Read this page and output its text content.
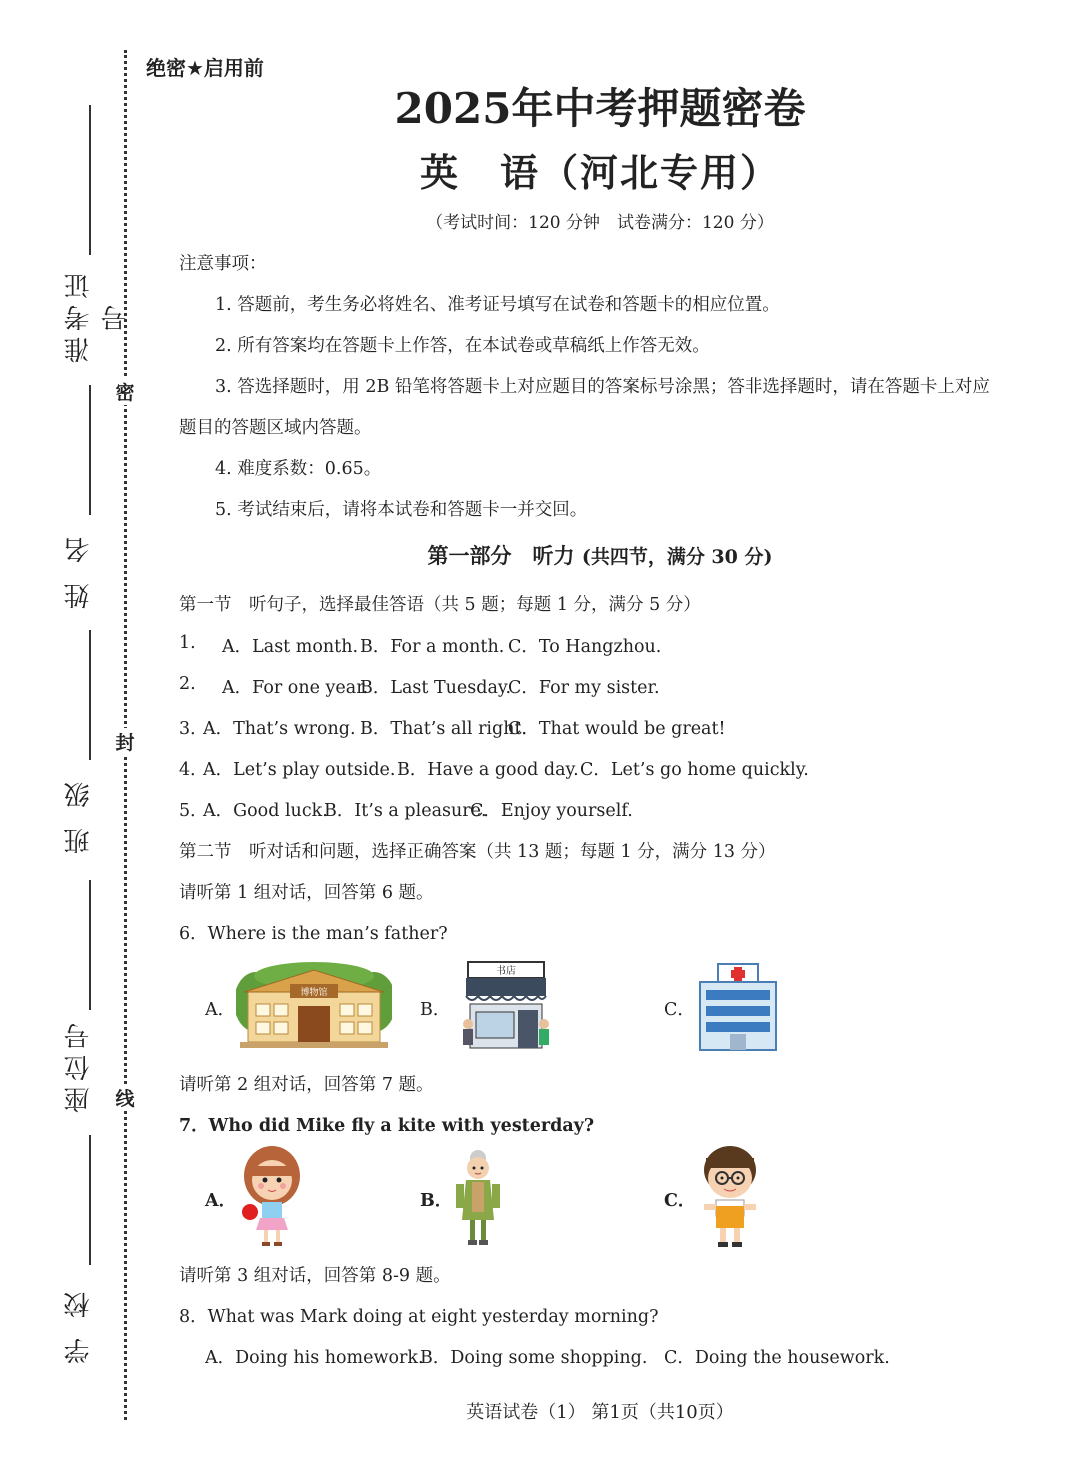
准考证号
姓 名
班 级
座位号
学 校
密
封
线
绝密★启用前
2025年中考押题密卷
英　语（河北专用）
（考试时间：120 分钟　试卷满分：120 分）
注意事项：
1. 答题前，考生务必将姓名、准考证号填写在试卷和答题卡的相应位置。
2. 所有答案均在答题卡上作答，在本试卷或草稿纸上作答无效。
3. 答选择题时，用 2B 铅笔将答题卡上对应题目的答案标号涂黑；答非选择题时，请在答题卡上对应
题目的答题区域内答题。
4. 难度系数：0.65。
5. 考试结束后，请将本试卷和答题卡一并交回。
第一部分　听力 (共四节，满分 30 分)
第一节　听句子，选择最佳答语（共 5 题；每题 1 分，满分 5 分）
1. A．Last month. B．For a month. C．To Hangzhou.
2. A．For one year.
B．Last Tuesday.
C．For my sister.
3．
A．That’s wrong. B．That’s all right.
C．That would be great!
4．
A．Let’s play outside. B．Have a good day. C．Let’s go home quickly.
5．
A．Good luck.
B．It’s a pleasure.
C．Enjoy yourself.
第二节　听对话和问题，选择正确答案（共 13 题；每题 1 分，满分 13 分）
请听第 1 组对话，回答第 6 题。
6．Where is the man’s father?
A．	B．	C．
博物馆
书店
请听第 2 组对话，回答第 7 题。
7．Who did Mike fly a kite with yesterday?
A．	B．	C．
请听第 3 组对话，回答第 8-9 题。
8．What was Mark doing at eight yesterday morning?
A．Doing his homework.
B．Doing some shopping. C．Doing the housework.
英语试卷（1） 第1页（共10页）
